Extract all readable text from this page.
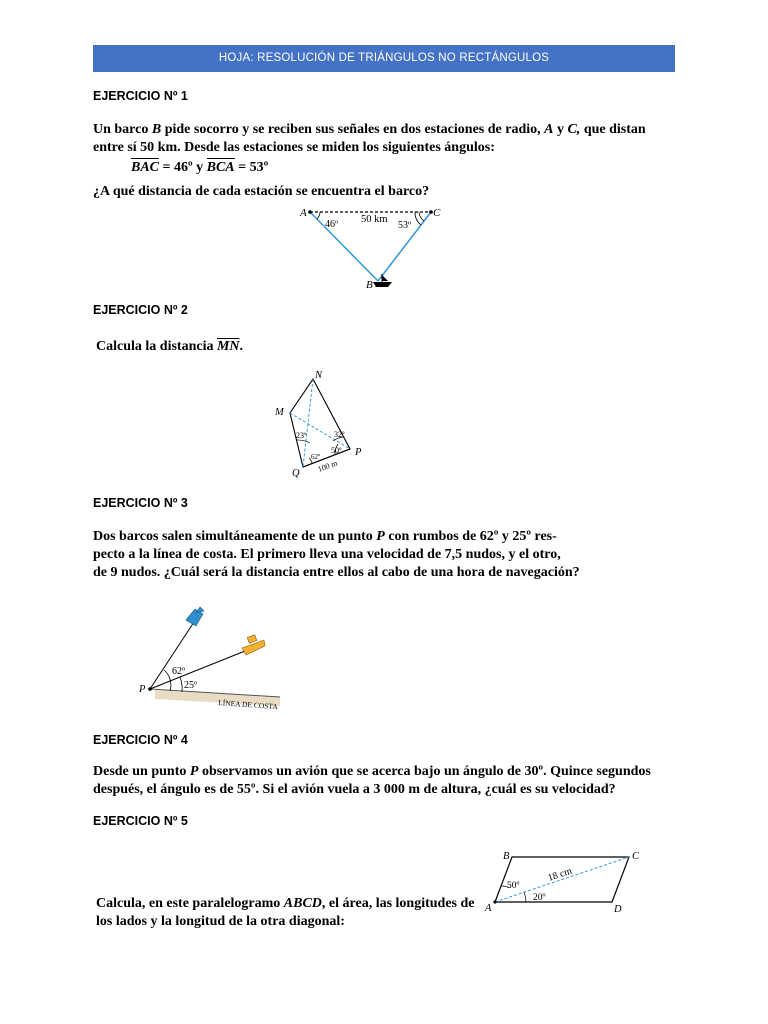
HOJA: RESOLUCIÓN DE TRIÁNGULOS NO RECTÁNGULOS
EJERCICIO Nº 1
Un barco B pide socorro y se reciben sus señales en dos estaciones de radio, A y C, que distan
entre sí 50 km. Desde las estaciones se miden los siguientes ángulos:
BAC = 46º y BCA = 53º
¿A qué distancia de cada estación se encuentra el barco?
A	C
B
50 km
46º	53º
EJERCICIO Nº 2
Calcula la distancia $\overline{MN}$.
N
M
P
Q
23º	32º
50º
62º
100 m
EJERCICIO Nº 3
Dos barcos salen simultáneamente de un punto P con rumbos de 62º y 25º res-
pecto a la línea de costa. El primero lleva una velocidad de 7,5 nudos, y el otro,
de 9 nudos. ¿Cuál será la distancia entre ellos al cabo de una hora de navegación?
P
62º
25º
LÍNEA DE COSTA
EJERCICIO Nº 4
Desde un punto P observamos un avión que se acerca bajo un ángulo de 30º. Quince segundos
después, el ángulo es de 55º. Si el avión vuela a 3 000 m de altura, ¿cuál es su velocidad?
EJERCICIO Nº 5
Calcula, en este paralelogramo ABCD, el área, las longitudes de
los lados y la longitud de la otra diagonal:
B	C
A	D
18 cm
50º
20º
